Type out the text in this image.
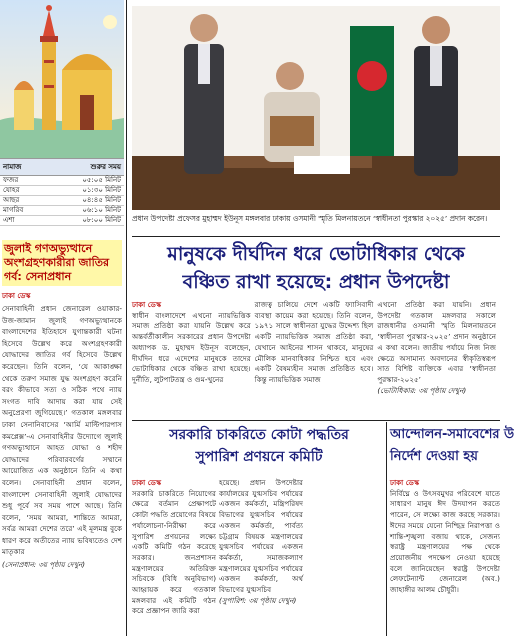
নামাজ	শুরুর সময়
ফজর	০৫:০৫ মিনিট
যোহর	০১:৩০ মিনিট
আছর	০৪:৪৫ মিনিট
মাগরিব	০৬:১০ মিনিট
এশা	০৮:০০ মিনিট
জুলাই গণঅভ্যুত্থানে অংশগ্রহণকারীরা জাতির গর্ব: সেনাপ্রধান
ঢাকা ডেস্ক
সেনাবাহিনী প্রধান জেনারেল ওয়াকার-উজ-জামান জুলাই গণঅভ্যুত্থানকে বাংলাদেশের ইতিহাসে যুগান্তকারী ঘটনা হিসেবে উল্লেখ করে অংশগ্রহণকারী যোদ্ধাদের জাতির গর্ব হিসেবে উল্লেখ করেছেন। তিনি বলেন, ‘যে আকাঙ্ক্ষা থেকে তরুণ সমাজ যুদ্ধ অংশগ্রহণ করেনি বরং কীভাবে সত্য ও সঠিক পথে ন্যায় সংগত দাবি আদায় করা যায় সেই অনুপ্রেরণা জুগিয়েছে।’ গতকাল মঙ্গলবার ঢাকা সেনানিবাসের ‘আর্মি মাল্টিপারপাস কমপ্লেক্স’-এ সেনাবাহিনীর উদ্যোগে জুলাই গণঅভ্যুত্থানে আহত যোদ্ধা ও শহীদ যোদ্ধাদের পরিবারবর্গের সম্মানে আয়োজিত এক অনুষ্ঠানে তিনি এ কথা বলেন। সেনাবাহিনী প্রধান বলেন, বাংলাদেশ সেনাবাহিনী জুলাই যোদ্ধাদের শুধু পূর্বে সব সময় পাশে আছে। তিনি বলেন, ‘সময় আমরা, শান্তিতে আমরা, সর্বত্র আমরা দেশের তরে’ এই মূলমন্ত্র বুকে ধারণ করে অতীতের ন্যায় ভবিষ্যতেও দেশ মাতৃকার
(সেনাপ্রধান: ৩য় পৃষ্ঠায় দেখুন)
প্রধান উপদেষ্টা প্রফেসর মুহাম্মদ ইউনূস মঙ্গলবার ঢাকায় ওসমানী স্মৃতি মিলনায়তনে ‘স্বাধীনতা পুরস্কার ২০২৫’ প্রদান করেন।
মানুষকে দীর্ঘদিন ধরে ভোটাধিকার থেকে
বঞ্চিত রাখা হয়েছে: প্রধান উপদেষ্টা
ঢাকা ডেস্ক
স্বাধীন বাংলাদেশে এখনো ন্যায়ভিত্তিক সমাজ প্রতিষ্ঠা করা যায়নি উল্লেখ করে অন্তর্বর্তীকালীন সরকারের প্রধান উপদেষ্টা অধ্যাপক ড. মুহাম্মদ ইউনূস বলেছেন, দীর্ঘদিন ধরে এদেশের মানুষকে তাদের ভোটাধিকার থেকে বঞ্চিত রাখা হয়েছে। দুর্নীতি, লুটপাটতন্ত্র ও গুম-খুনের
রাজত্ব চালিয়ে দেশে একটি ফ্যাসিবাদী ব্যবস্থা কায়েম করা হয়েছে। তিনি বলেন, ১৯৭১ সালে স্বাধীনতা যুদ্ধের উদ্দেশ্য ছিল একটি ন্যায়ভিত্তিক সমাজ প্রতিষ্ঠা করা, যেখানে আইনের শাসন থাকবে, মানুষের মৌলিক মানবাধিকার নিশ্চিত হবে এবং একটি বৈষম্যহীন সমাজ প্রতিষ্ঠিত হবে। কিন্তু ন্যায়ভিত্তিক সমাজ
এখনো প্রতিষ্ঠা করা যায়নি। প্রধান উপদেষ্টা গতকাল মঙ্গলবার সকালে রাজধানীর ওসমানী স্মৃতি মিলনায়তনে ‘স্বাধীনতা পুরস্কার-২০২৫’ প্রদান অনুষ্ঠানে এ কথা বলেন। জাতীয় পর্যায়ে নিজ নিজ ক্ষেত্রে অসামান্য অবদানের স্বীকৃতিস্বরূপ সাত বিশিষ্ট ব্যক্তিকে এবার ‘স্বাধীনতা পুরস্কার-২০২৫’
(ভোটাধিকার: ৩য় পৃষ্ঠায় দেখুন)
সরকারি চাকরিতে কোটা পদ্ধতির
সুপারিশ প্রণয়নে কমিটি
ঢাকা ডেস্ক
সরকারি চাকরিতে নিয়োগের ক্ষেত্রে বর্তমান প্রেক্ষাপটে কোটা পদ্ধতি প্রয়োগের বিষয়ে পর্যালোচনা-নিরীক্ষা করে সুপারিশ প্রণয়নের লক্ষ্যে একটি কমিটি গঠন করেছে সরকার। জনপ্রশাসন মন্ত্রণালয়ের অতিরিক্ত সচিবকে (বিধি অনুবিভাগ) আহ্বায়ক করে গতকাল মঙ্গলবার এই কমিটি গঠন করে প্রজ্ঞাপন জারি করা
হয়েছে। প্রধান উপদেষ্টার কার্যালয়ের যুগ্মসচিব পর্যায়ের একজন কর্মকর্তা, মন্ত্রিপরিষদ বিভাগের যুগ্মসচিব পর্যায়ের একজন কর্মকর্তা, পার্বত্য চট্টগ্রাম বিষয়ক মন্ত্রণালয়ের যুগ্মসচিব পর্যায়ের একজন কর্মকর্তা, সমাজকল্যাণ মন্ত্রণালয়ের যুগ্মসচিব পর্যায়ের একজন কর্মকর্তা, অর্থ বিভাগের যুগ্মসচিব
(সুপারিশ: ৩য় পৃষ্ঠায় দেখুন)
আন্দোলন-সমাবেশের উ
নির্দেশ দেওয়া হয়
ঢাকা ডেস্ক
নির্বিঘ্নে ও উৎসবমুখর পরিবেশে যাতে সাধারণ মানুষ ঈদ উদযাপন করতে পারেন, সে লক্ষ্যে কাজ করছে সরকার। ঈদের সময়ে যেনো নিশ্ছিদ্র নিরাপত্তা ও শান্তি-শৃঙ্খলা বজায় থাকে, সেজন্য স্বরাষ্ট্র মন্ত্রণালয়ের পক্ষ থেকে প্রয়োজনীয় পদক্ষেপ নেওয়া হয়েছে বলে জানিয়েছেন স্বরাষ্ট্র উপদেষ্টা লেফটেন্যান্ট জেনারেল (অব.) জাহাঙ্গীর আলম চৌধুরী।
